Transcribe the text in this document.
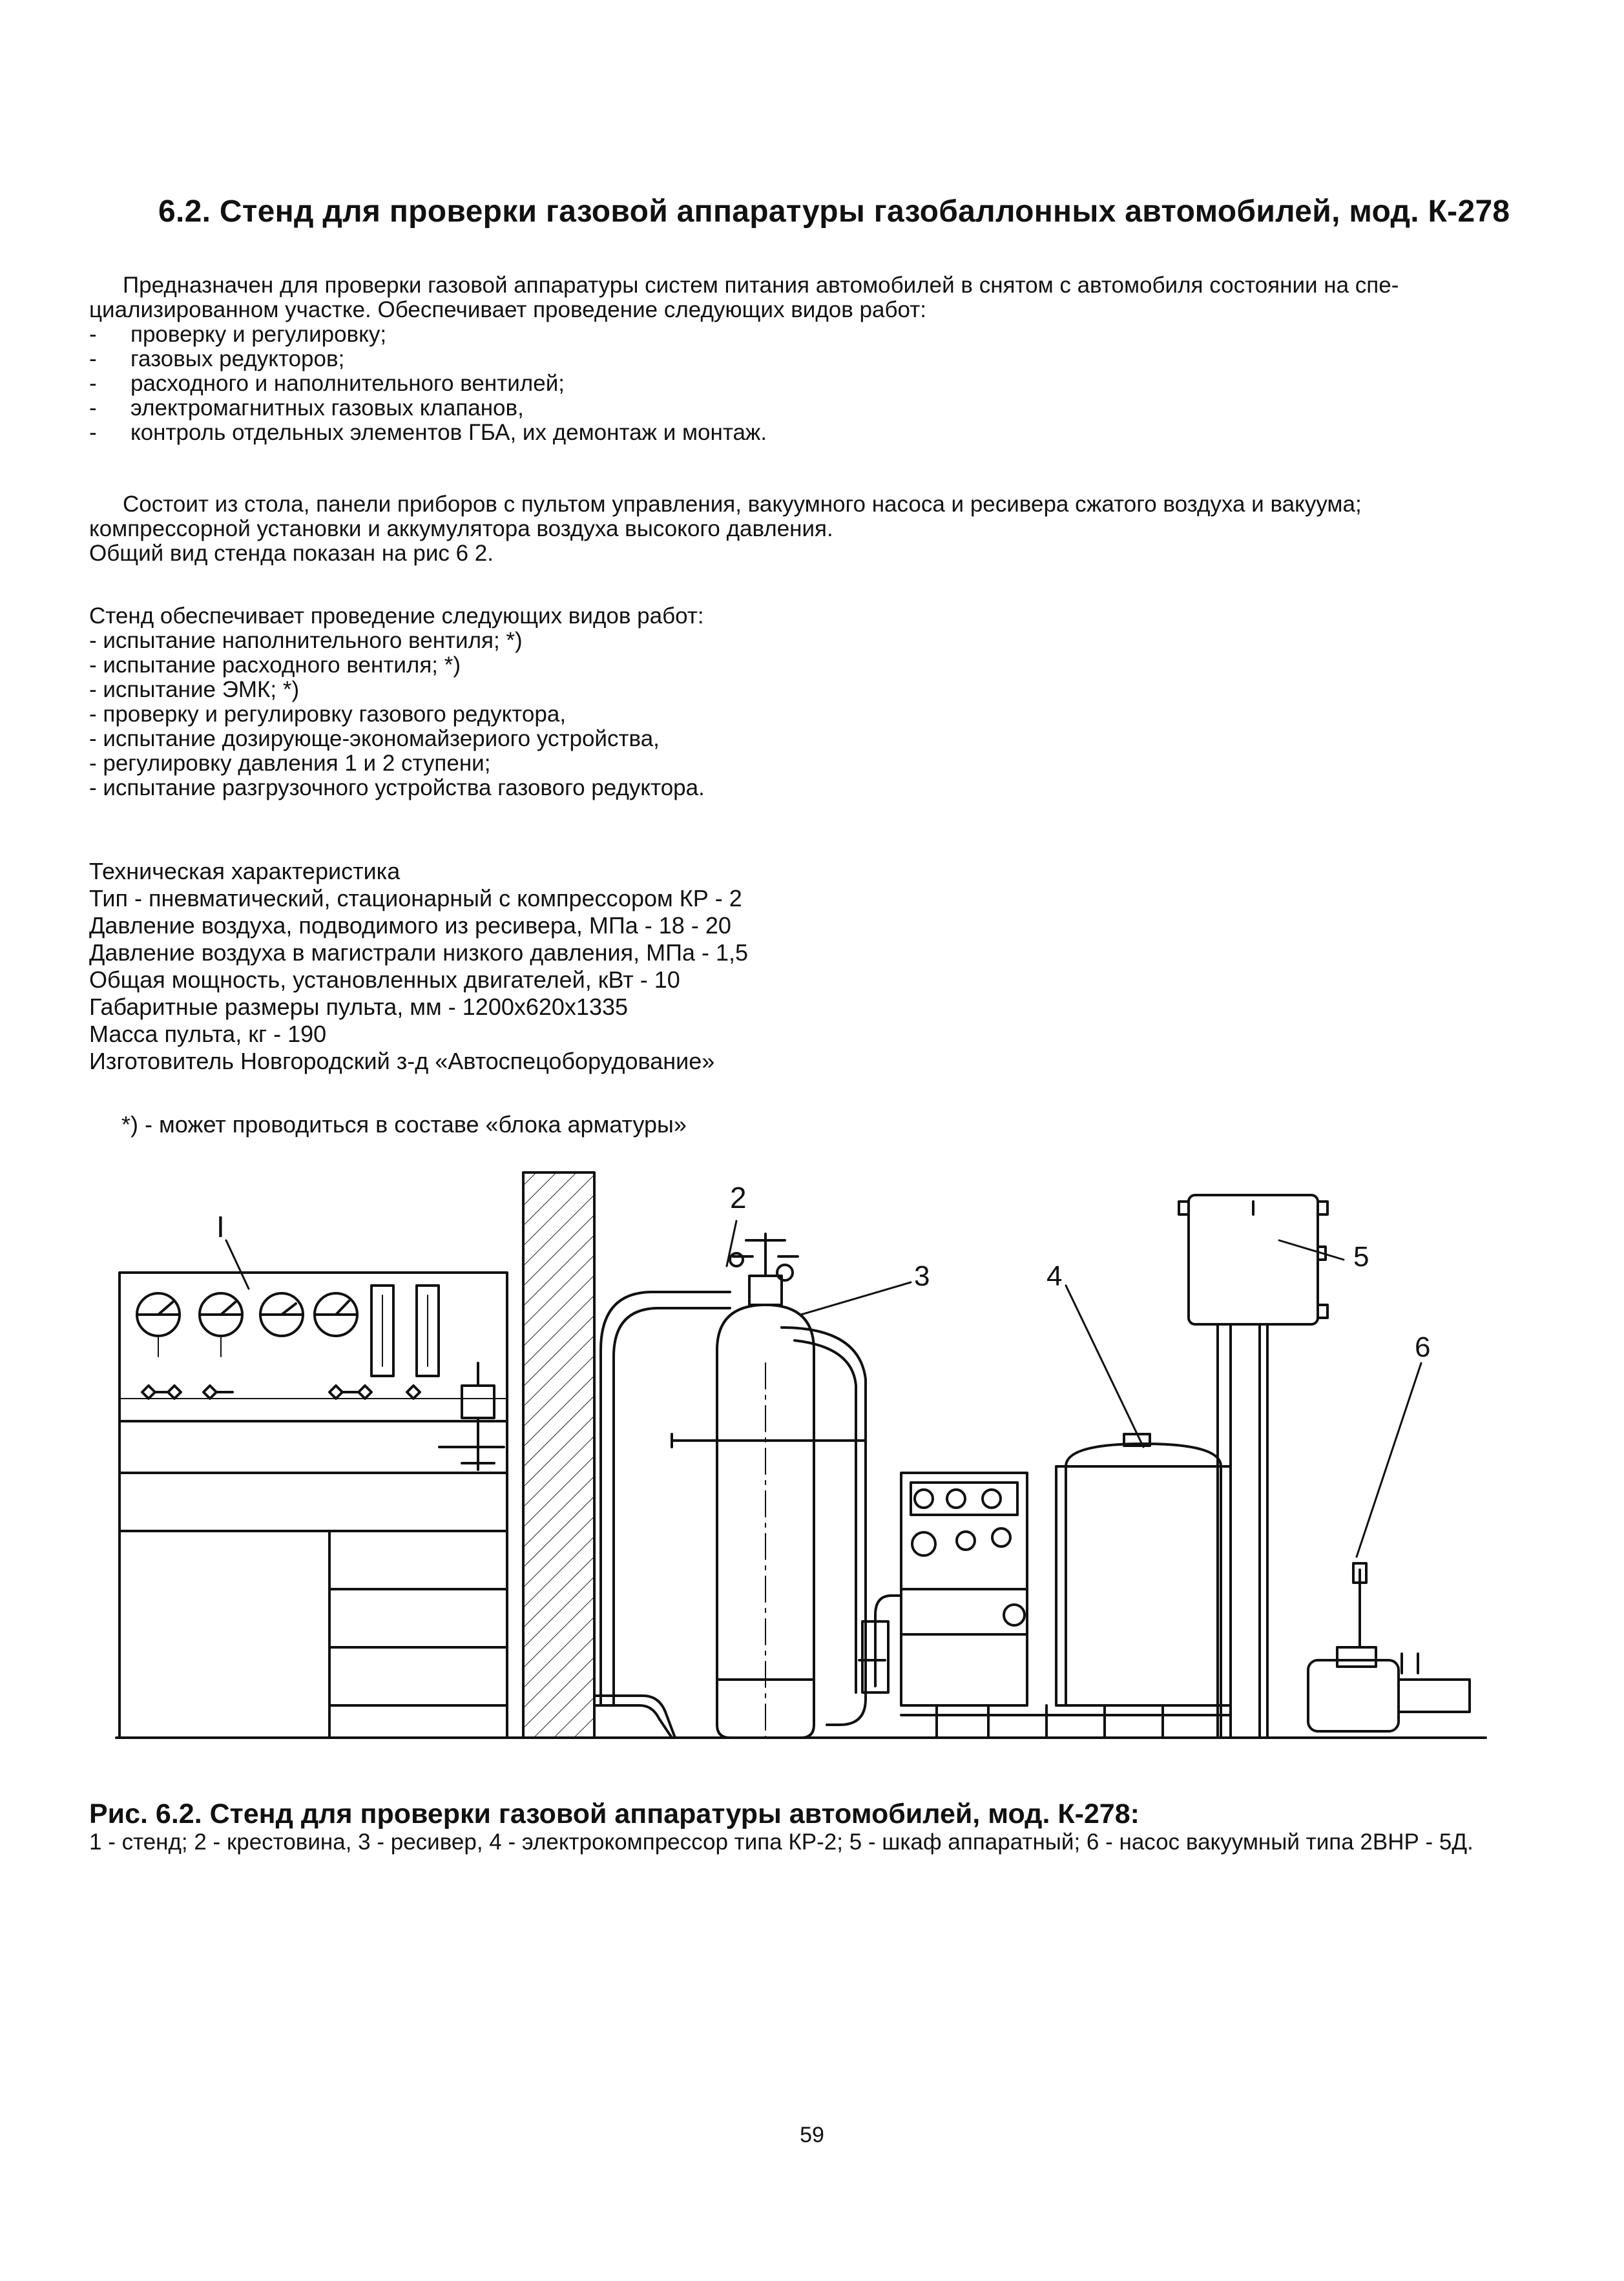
6.2. Стенд для проверки газовой аппаратуры газобаллонных автомобилей, мод. К-278
Предназначен для проверки газовой аппаратуры систем питания автомобилей в снятом с автомобиля состоянии на спе-
циализированном участке. Обеспечивает проведение следующих видов работ:
- проверку и регулировку;
- газовых редукторов;
- расходного и наполнительного вентилей;
- электромагнитных газовых клапанов,
- контроль отдельных элементов ГБА, их демонтаж и монтаж.
Состоит из стола, панели приборов с пультом управления, вакуумного насоса и ресивера сжатого воздуха и вакуума;
компрессорной установки и аккумулятора воздуха высокого давления.
Общий вид стенда показан на рис 6 2.
Стенд обеспечивает проведение следующих видов работ:
- испытание наполнительного вентиля; *)
- испытание расходного вентиля; *)
- испытание ЭМК; *)
- проверку и регулировку газового редуктора,
- испытание дозирующе-экономайзериого устройства,
- регулировку давления 1 и 2 ступени;
- испытание разгрузочного устройства газового редуктора.
Техническая характеристика
Тип - пневматический, стационарный с компрессором КР - 2
Давление воздуха, подводимого из ресивера, МПа - 18 - 20
Давление воздуха в магистрали низкого давления, МПа - 1,5
Общая мощность, установленных двигателей, кВт - 10
Габаритные размеры пульта, мм - 1200х620х1335
Масса пульта, кг - 190
Изготовитель Новгородский з-д «Автоспецоборудование»
*) - может проводиться в составе «блока арматуры»
I
2
3	4
5
6
Рис. 6.2. Стенд для проверки газовой аппаратуры автомобилей, мод. К-278:
1 - стенд; 2 - крестовина, 3 - ресивер, 4 - электрокомпрессор типа КР-2; 5 - шкаф аппаратный; 6 - насос вакуумный типа 2ВНР - 5Д.
59
